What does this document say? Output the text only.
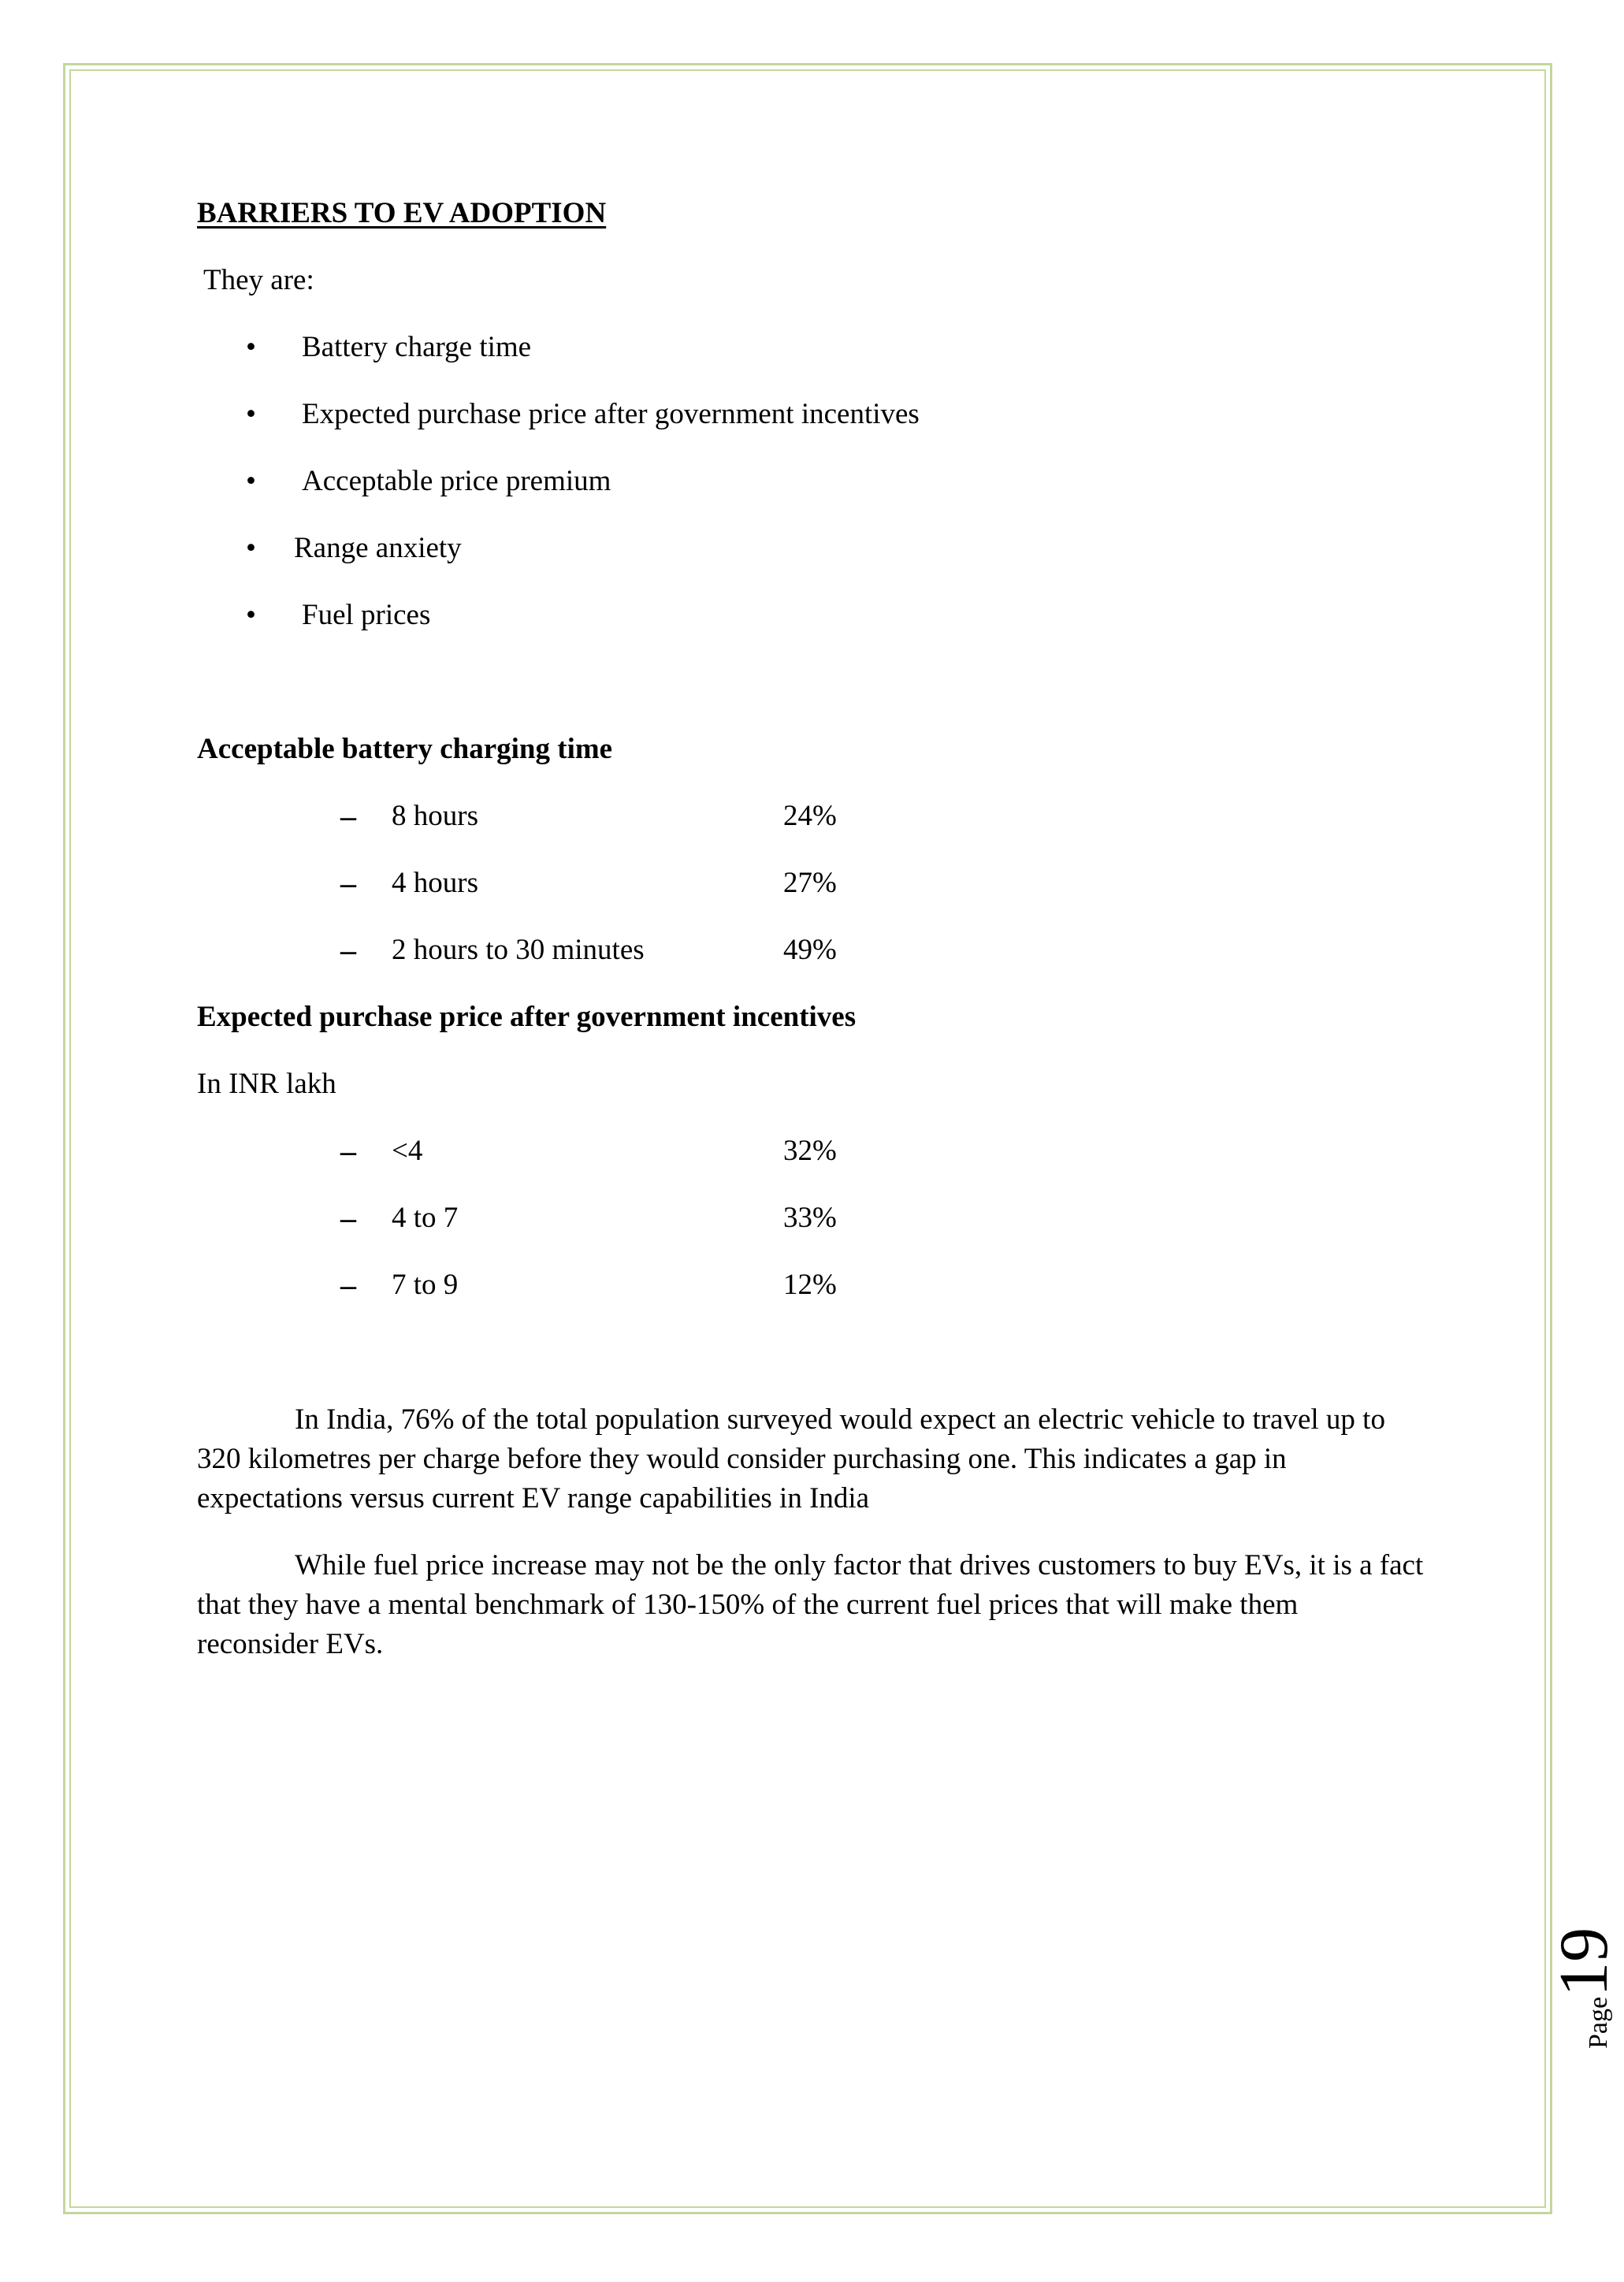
BARRIERS TO EV ADOPTION
They are:
• Battery charge time
• Expected purchase price after government incentives
• Acceptable price premium
• Range anxiety
• Fuel prices
Acceptable battery charging time
– 8 hours	24%
– 4 hours	27%
– 2 hours to 30 minutes	49%
Expected purchase price after government incentives
In INR lakh
– <4	32%
– 4 to 7	33%
– 7 to 9	12%
In India, 76% of the total population surveyed would expect an electric vehicle to travel up to 320 kilometres per charge before they would consider purchasing one. This indicates a gap in expectations versus current EV range capabilities in India
While fuel price increase may not be the only factor that drives customers to buy EVs, it is a fact that they have a mental benchmark of 130-150% of the current fuel prices that will make them reconsider EVs.
Page19
